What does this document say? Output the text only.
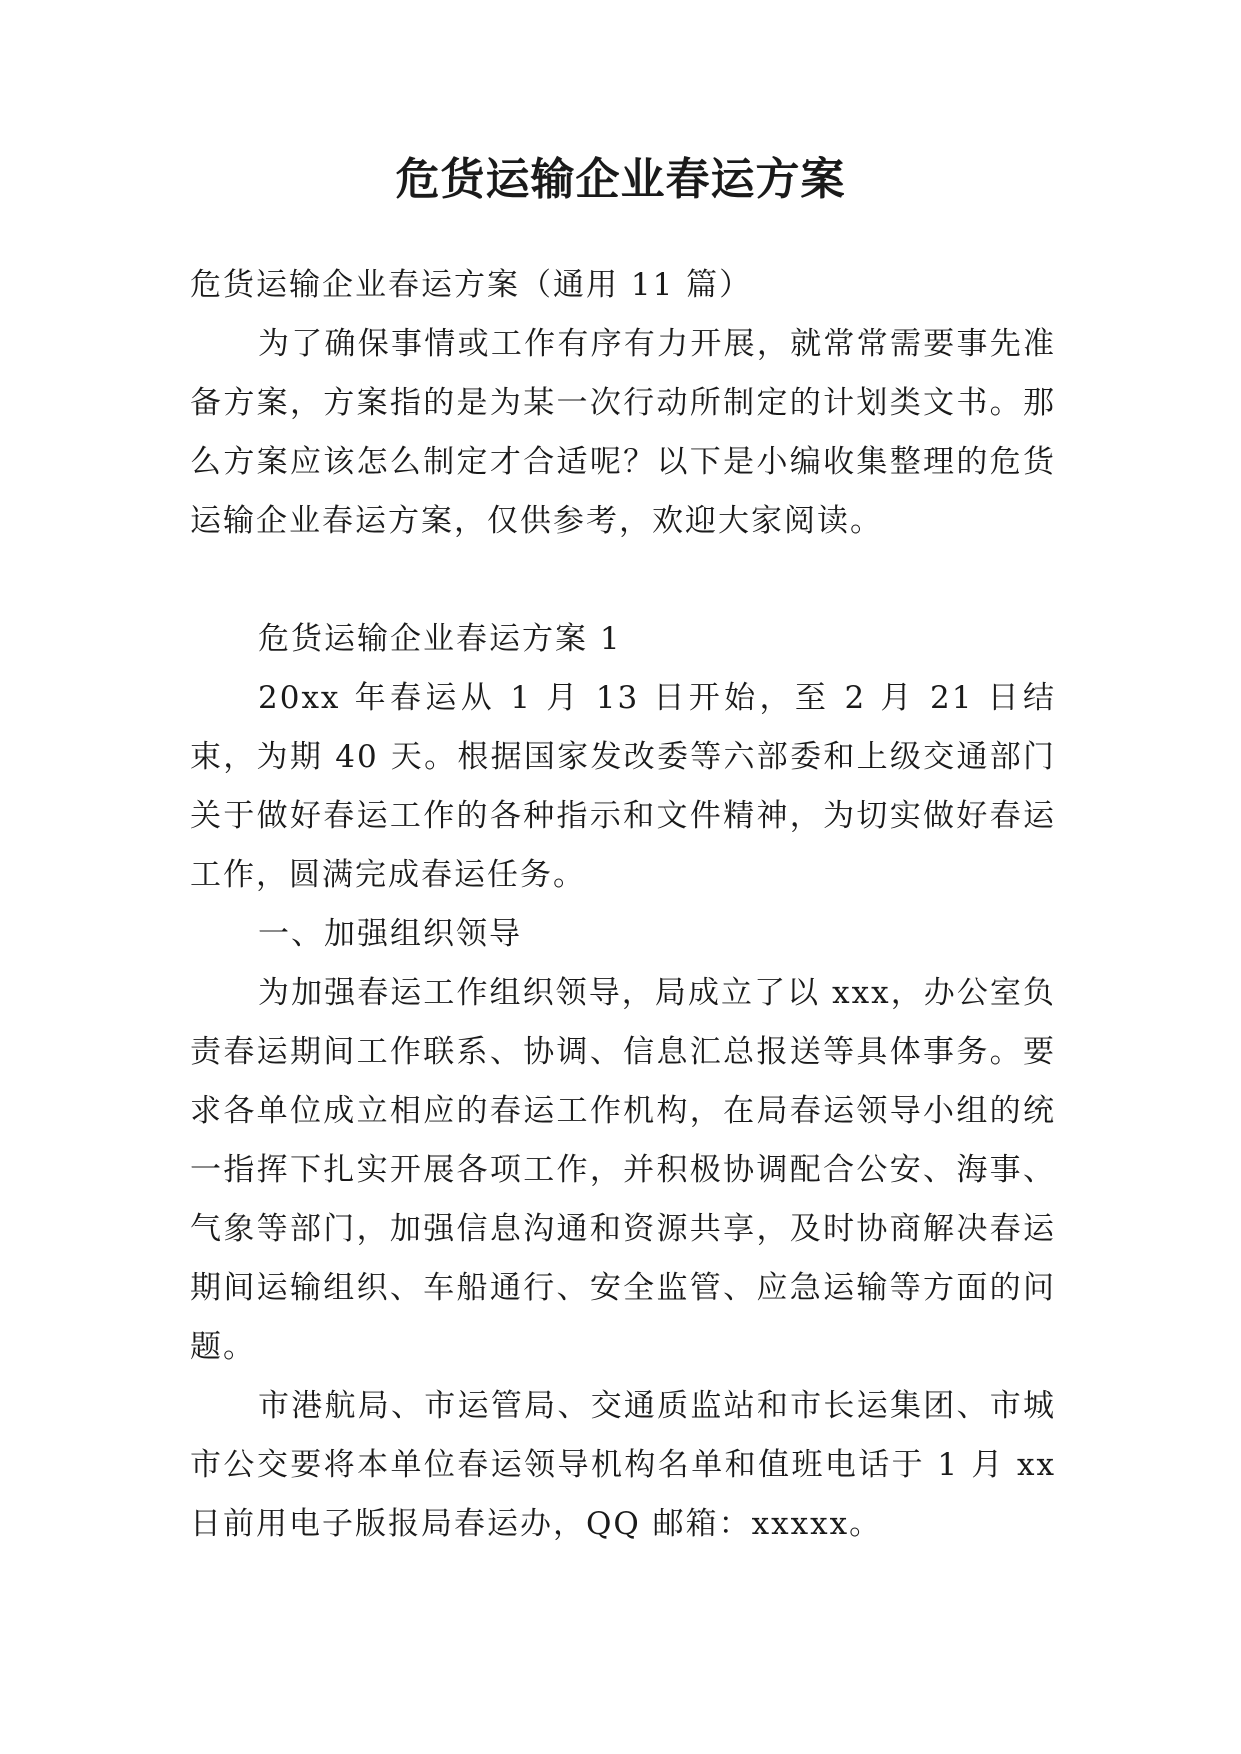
危货运输企业春运方案

危货运输企业春运方案（通用 11 篇）

为了确保事情或工作有序有力开展，就常常需要事先准备方案，方案指的是为某一次行动所制定的计划类文书。那么方案应该怎么制定才合适呢？以下是小编收集整理的危货运输企业春运方案，仅供参考，欢迎大家阅读。

危货运输企业春运方案 1

20xx 年春运从 1 月 13 日开始，至 2 月 21 日结束，为期 40 天。根据国家发改委等六部委和上级交通部门关于做好春运工作的各种指示和文件精神，为切实做好春运工作，圆满完成春运任务。

一、加强组织领导

为加强春运工作组织领导，局成立了以 xxx，办公室负责春运期间工作联系、协调、信息汇总报送等具体事务。要求各单位成立相应的春运工作机构，在局春运领导小组的统一指挥下扎实开展各项工作，并积极协调配合公安、海事、气象等部门，加强信息沟通和资源共享，及时协商解决春运期间运输组织、车船通行、安全监管、应急运输等方面的问题。

市港航局、市运管局、交通质监站和市长运集团、市城市公交要将本单位春运领导机构名单和值班电话于 1 月 xx 日前用电子版报局春运办，QQ 邮箱：xxxxx。
